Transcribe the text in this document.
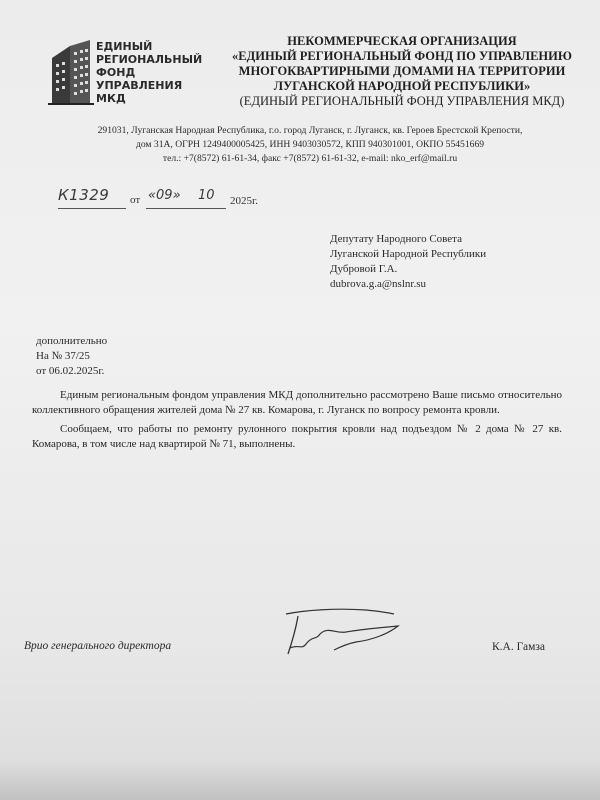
ЕДИНЫЙ
РЕГИОНАЛЬНЫЙ
ФОНД
УПРАВЛЕНИЯ
МКД
НЕКОММЕРЧЕСКАЯ ОРГАНИЗАЦИЯ
«ЕДИНЫЙ РЕГИОНАЛЬНЫЙ ФОНД ПО УПРАВЛЕНИЮ
МНОГОКВАРТИРНЫМИ ДОМАМИ НА ТЕРРИТОРИИ
ЛУГАНСКОЙ НАРОДНОЙ РЕСПУБЛИКИ»
(ЕДИНЫЙ РЕГИОНАЛЬНЫЙ ФОНД УПРАВЛЕНИЯ МКД)
291031, Луганская Народная Республика, г.о. город Луганск, г. Луганск, кв. Героев Брестской Крепости,
дом 31А, ОГРН 1249400005425, ИНН 9403030572, КПП 940301001, ОКПО 55451669
тел.: +7(8572) 61-61-34, факс +7(8572) 61-61-32, e-mail: nko_erf@mail.ru
К1329 от «09» 10 2025г.
Депутату Народного Совета
Луганской Народной Республики
Дубровой Г.А.
dubrova.g.a@nslnr.su
дополнительно
На № 37/25
от 06.02.2025г.

Единым региональным фондом управления МКД дополнительно рассмотрено Ваше письмо относительно коллективного обращения жителей дома № 27 кв. Комарова, г. Луганск по вопросу ремонта кровли.

Сообщаем, что работы по ремонту рулонного покрытия кровли над подъездом № 2 дома № 27 кв. Комарова, в том числе над квартирой № 71, выполнены.

Врио генерального директора	К.А. Гамза
